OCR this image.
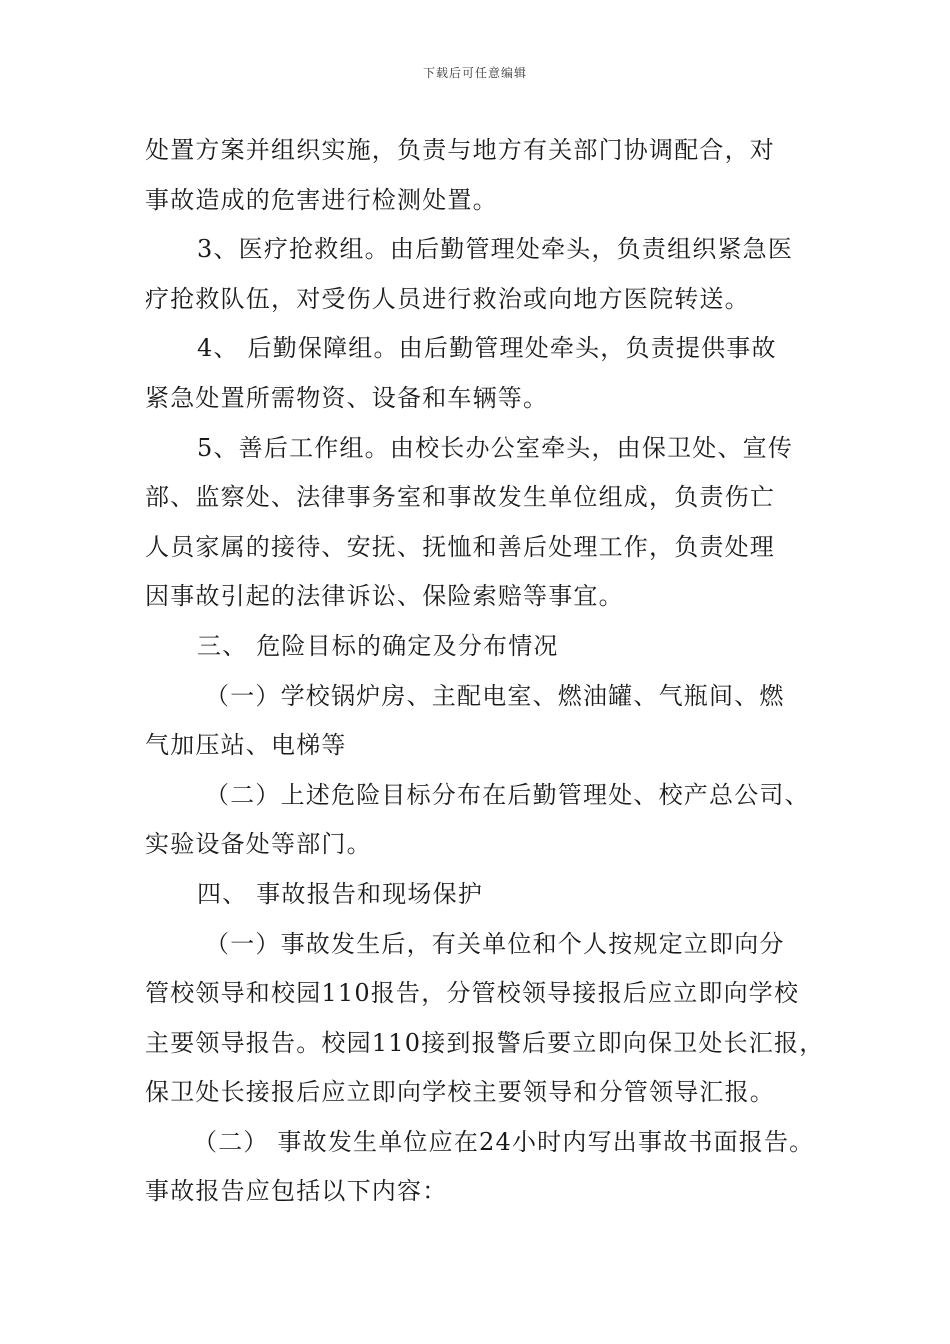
下载后可任意编辑
处置方案并组织实施，负责与地方有关部门协调配合，对
事故造成的危害进行检测处置。
3、医疗抢救组。由后勤管理处牵头，负责组织紧急医
疗抢救队伍，对受伤人员进行救治或向地方医院转送。
4、 后勤保障组。由后勤管理处牵头，负责提供事故
紧急处置所需物资、设备和车辆等。
5、善后工作组。由校长办公室牵头，由保卫处、宣传
部、监察处、法律事务室和事故发生单位组成，负责伤亡
人员家属的接待、安抚、抚恤和善后处理工作，负责处理
因事故引起的法律诉讼、保险索赔等事宜。
三、 危险目标的确定及分布情况
（一）学校锅炉房、主配电室、燃油罐、气瓶间、燃
气加压站、电梯等
（二）上述危险目标分布在后勤管理处、校产总公司、
实验设备处等部门。
四、 事故报告和现场保护
（一）事故发生后，有关单位和个人按规定立即向分
管校领导和校园110报告，分管校领导接报后应立即向学校
主要领导报告。校园110接到报警后要立即向保卫处长汇报，
保卫处长接报后应立即向学校主要领导和分管领导汇报。
（二） 事故发生单位应在24小时内写出事故书面报告。
事故报告应包括以下内容：
